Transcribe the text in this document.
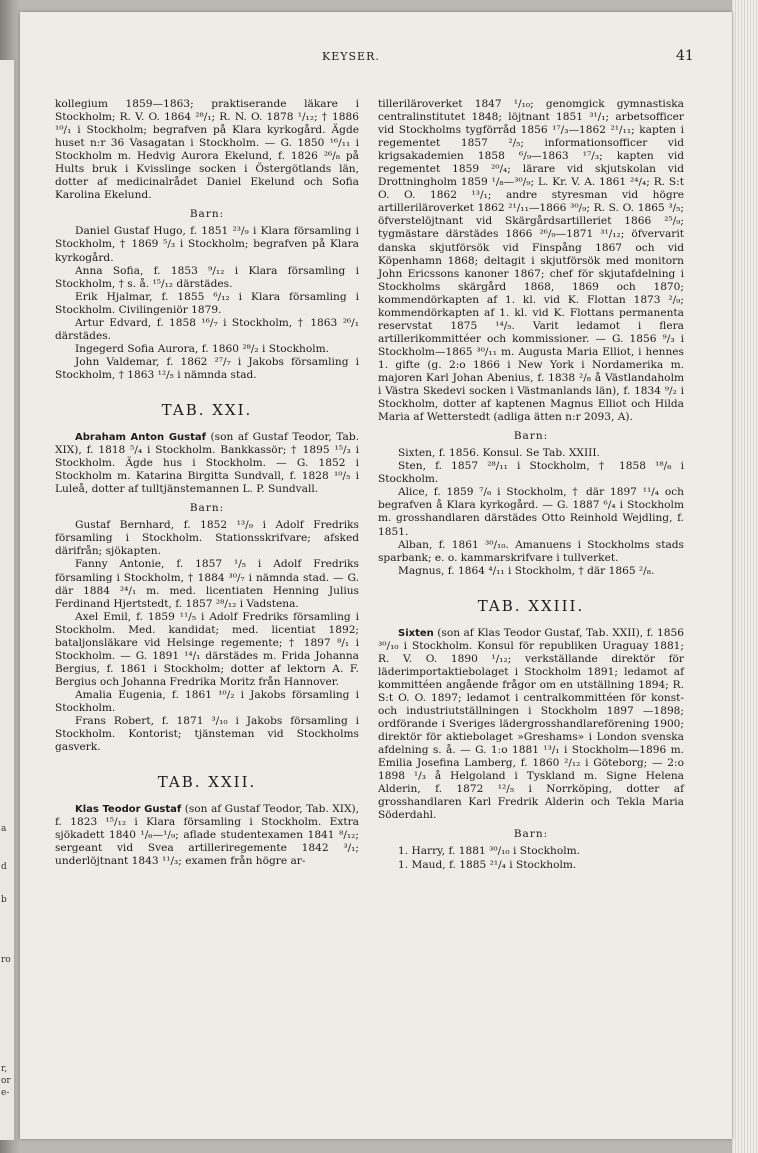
a
d
b
ro
r,
or
e-
KEYSER.	41

kollegium 1859—1863; praktiserande läkare i Stockholm; R. V. O. 1864 ²⁸/₁; R. N. O. 1878 ¹/₁₂; † 1886 ¹⁰/₁ i Stockholm; begrafven på Klara kyrkogård. Ägde huset n:r 36 Vasagatan i Stockholm. — G. 1850 ¹⁶/₁₁ i Stockholm m. Hedvig Aurora Ekelund, f. 1826 ²⁶/₈ på Hults bruk i Kvisslinge socken i Östergötlands län, dotter af medicinalrådet Daniel Ekelund och Sofia Karolina Ekelund.

Barn:

Daniel Gustaf Hugo, f. 1851 ²³/₉ i Klara församling i Stockholm, † 1869 ⁵/₃ i Stockholm; begrafven på Klara kyrkogård.

Anna Sofia, f. 1853 ⁹/₁₂ i Klara församling i Stockholm, † s. å. ¹⁵/₁₂ därstädes.

Erik Hjalmar, f. 1855 ⁶/₁₂ i Klara församling i Stockholm. Civilingeniör 1879.

Artur Edvard, f. 1858 ¹⁶/₇ i Stockholm, † 1863 ²⁶/₁ därstädes.

Ingegerd Sofia Aurora, f. 1860 ²⁸/₂ i Stockholm.

John Valdemar, f. 1862 ²⁷/₇ i Jakobs församling i Stockholm, † 1863 ¹²/₅ i nämnda stad.

TAB. XXI.

Abraham Anton Gustaf (son af Gustaf Teodor, Tab. XIX), f. 1818 ⁵/₄ i Stockholm. Bankkassör; † 1895 ¹⁵/₃ i Stockholm. Ägde hus i Stockholm. — G. 1852 i Stockholm m. Katarina Birgitta Sundvall, f. 1828 ¹⁰/₅ i Luleå, dotter af tulltjänstemannen L. P. Sundvall.

Barn:

Gustaf Bernhard, f. 1852 ¹³/₉ i Adolf Fredriks församling i Stockholm. Stationsskrifvare; afsked därifrån; sjökapten.

Fanny Antonie, f. 1857 ¹/₅ i Adolf Fredriks församling i Stockholm, † 1884 ³⁰/₇ i nämnda stad. — G. där 1884 ²⁴/₁ m. med. licentiaten Henning Julius Ferdinand Hjertstedt, f. 1857 ²⁸/₁₂ i Vadstena.

Axel Emil, f. 1859 ¹¹/₅ i Adolf Fredriks församling i Stockholm. Med. kandidat; med. licentiat 1892; bataljonsläkare vid Helsinge regemente; † 1897 ⁸/₁ i Stockholm. — G. 1891 ¹⁴/₁ därstädes m. Frida Johanna Bergius, f. 1861 i Stockholm; dotter af lektorn A. F. Bergius och Johanna Fredrika Moritz från Hannover.

Amalia Eugenia, f. 1861 ¹⁰/₂ i Jakobs församling i Stockholm.

Frans Robert, f. 1871 ³/₁₀ i Jakobs församling i Stockholm. Kontorist; tjänsteman vid Stockholms gasverk.

TAB. XXII.

Klas Teodor Gustaf (son af Gustaf Teodor, Tab. XIX), f. 1823 ¹⁵/₁₂ i Klara församling i Stockholm. Extra sjökadett 1840 ¹/₆—¹/₉; aflade studentexamen 1841 ⁸/₁₂; sergeant vid Svea artilleriregemente 1842 ³/₁; underlöjtnant 1843 ¹¹/₃; examen från högre ar-

tilleriläroverket 1847 ¹/₁₀; genomgick gymnastiska centralinstitutet 1848; löjtnant 1851 ³¹/₁; arbetsofficer vid Stockholms tygförråd 1856 ¹⁷/₃—1862 ²¹/₁₁; kapten i regementet 1857 ²/₅; informationsofficer vid krigsakademien 1858 ⁶/₉—1863 ¹⁷/₃; kapten vid regementet 1859 ²⁰/₄; lärare vid skjutskolan vid Drottningholm 1859 ¹/₈—³⁰/₉; L. Kr. V. A. 1861 ²⁴/₄; R. S:t O. O. 1862 ¹³/₁; andre styresman vid högre artilleriläroverket 1862 ²¹/₁₁—1866 ³⁰/₉; R. S. O. 1865 ³/₅; öfverstelöjtnant vid Skärgårdsartilleriet 1866 ²⁵/₉; tygmästare därstädes 1866 ²⁶/₉—1871 ³¹/₁₂; öfvervarit danska skjutförsök vid Finspång 1867 och vid Köpenhamn 1868; deltagit i skjutförsök med monitorn John Ericssons kanoner 1867; chef för skjutafdelning i Stockholms skärgård 1868, 1869 och 1870; kommendörkapten af 1. kl. vid K. Flottan 1873 ²/₉; kommendörkapten af 1. kl. vid K. Flottans permanenta reservstat 1875 ¹⁴/₅. Varit ledamot i flera artillerikommittéer och kommissioner. — G. 1856 ⁹/₃ i Stockholm—1865 ³⁰/₁₁ m. Augusta Maria Elliot, i hennes 1. gifte (g. 2:o 1866 i New York i Nordamerika m. majoren Karl Johan Abenius, f. 1838 ²/₈ å Västlandaholm i Västra Skedevi socken i Västmanlands län), f. 1834 ⁹/₂ i Stockholm, dotter af kaptenen Magnus Elliot och Hilda Maria af Wetterstedt (adliga ätten n:r 2093, A).

Barn:

Sixten, f. 1856. Konsul. Se Tab. XXIII.

Sten, f. 1857 ²⁸/₁₁ i Stockholm, † 1858 ¹⁸/₆ i Stockholm.

Alice, f. 1859 ⁷/₆ i Stockholm, † där 1897 ¹¹/₄ och begrafven å Klara kyrkogård. — G. 1887 ⁶/₄ i Stockholm m. grosshandlaren därstädes Otto Reinhold Wejdling, f. 1851.

Alban, f. 1861 ³⁰/₁₀. Amanuens i Stockholms stads sparbank; e. o. kammarskrifvare i tullverket.

Magnus, f. 1864 ⁴/₁₁ i Stockholm, † där 1865 ²/₈.

TAB. XXIII.

Sixten (son af Klas Teodor Gustaf, Tab. XXII), f. 1856 ³⁰/₁₀ i Stockholm. Konsul för republiken Uraguay 1881; R. V. O. 1890 ¹/₁₂; verkställande direktör för läderimportaktiebolaget i Stockholm 1891; ledamot af kommittéen angående frågor om en utställning 1894; R. S:t O. O. 1897; ledamot i centralkommittéen för konst- och industriutställningen i Stockholm 1897 —1898; ordförande i Sveriges lädergrosshandlareförening 1900; direktör för aktiebolaget »Greshams» i London svenska afdelning s. å. — G. 1:o 1881 ¹³/₁ i Stockholm—1896 m. Emilia Josefina Lamberg, f. 1860 ²/₁₂ i Göteborg; — 2:o 1898 ¹/₃ å Helgoland i Tyskland m. Signe Helena Alderin, f. 1872 ¹²/₅ i Norrköping, dotter af grosshandlaren Karl Fredrik Alderin och Tekla Maria Söderdahl.

Barn:

1. Harry, f. 1881 ³⁰/₁₀ i Stockholm.

1. Maud, f. 1885 ²¹/₄ i Stockholm.
